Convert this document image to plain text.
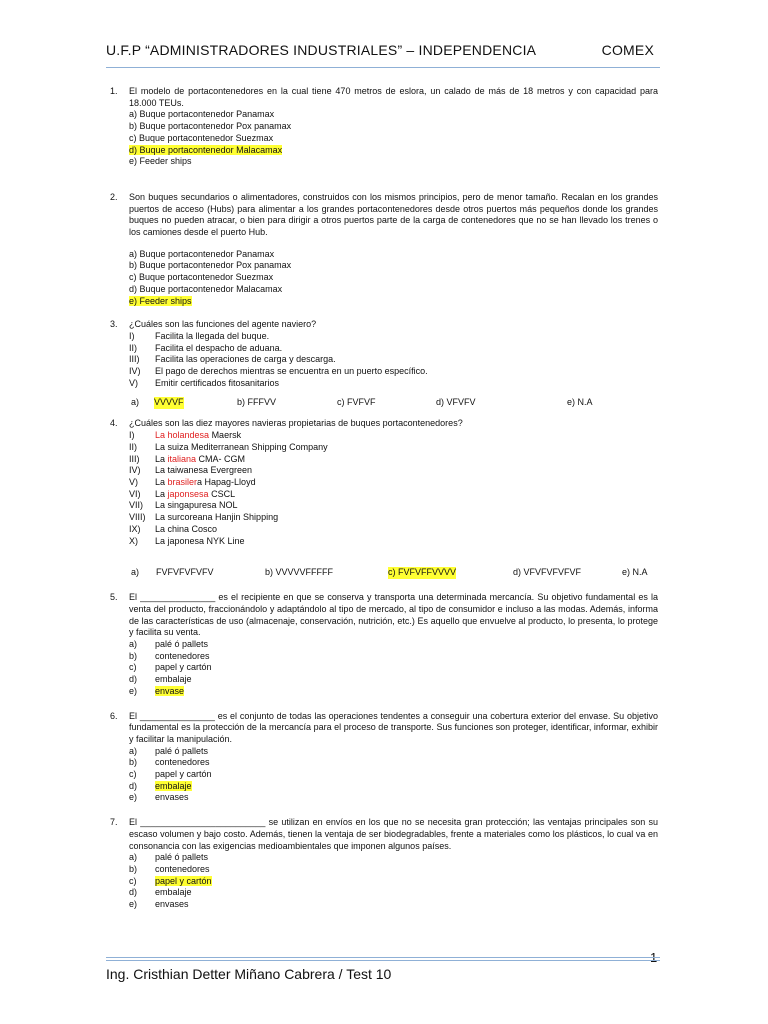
U.F.P “ADMINISTRADORES INDUSTRIALES” – INDEPENDENCIA	COMEX
1.	El modelo de portacontenedores en la cual tiene 470 metros de eslora, un calado de más de 18 metros y con capacidad para 18.000 TEUs.
a) Buque portacontenedor Panamax
b) Buque portacontenedor Pox panamax
c) Buque portacontenedor Suezmax
d) Buque portacontenedor Malacamax
e) Feeder ships
2.	Son buques secundarios o alimentadores, construidos con los mismos principios, pero de menor tamaño. Recalan en los grandes puertos de acceso (Hubs) para alimentar a los grandes portacontenedores desde otros puertos más pequeños donde los grandes buques no pueden atracar, o bien para dirigir a otros puertos parte de la carga de contenedores que no se han llevado los trenes o los camiones desde el puerto Hub.
a) Buque portacontenedor Panamax
b) Buque portacontenedor Pox panamax
c) Buque portacontenedor Suezmax
d) Buque portacontenedor Malacamax
e) Feeder ships
3.	¿Cuáles son las funciones del agente naviero?
I) Facilita la llegada del buque.
II) Facilita el despacho de aduana.
III) Facilita las operaciones de carga y descarga.
IV) El pago de derechos mientras se encuentra en un puerto específico.
V) Emitir certificados fitosanitarios
a) VVVVF	b) FFFVV	c) FVFVF	d) VFVFV	e) N.A
4.	¿Cuáles son las diez mayores navieras propietarias de buques portacontenedores?
I) La holandesa Maersk
II) La suiza Mediterranean Shipping Company
III) La italiana CMA- CGM
IV) La taiwanesa Evergreen
V) La brasilera Hapag-Lloyd
VI) La japonsesa CSCL
VII) La singapuresa NOL
VIII) La surcoreana Hanjin Shipping
IX) La china Cosco
X) La japonesa NYK Line
a) FVFVFVFVFV	b) VVVVVFFFFF	c) FVFVFFVVVV	d) VFVFVFVFVF	e) N.A
5.	El _______________ es el recipiente en que se conserva y transporta una determinada mercancía. Su objetivo fundamental es la venta del producto, fraccionándolo y adaptándolo al tipo de mercado, al tipo de consumidor e incluso a las modas. Además, informa de las características de uso (almacenaje, conservación, nutrición, etc.) Es aquello que envuelve al producto, lo presenta, lo protege y facilita su venta.
a) palé ó pallets
b) contenedores
c) papel y cartón
d) embalaje
e) envase
6.	El _______________ es el conjunto de todas las operaciones tendentes a conseguir una cobertura exterior del envase. Su objetivo fundamental es la protección de la mercancía para el proceso de transporte. Sus funciones son proteger, identificar, informar, exhibir y facilitar la manipulación.
a) palé ó pallets
b) contenedores
c) papel y cartón
d) embalaje
e) envases
7.	El _________________________ se utilizan en envíos en los que no se necesita gran protección; las ventajas principales son su escaso volumen y bajo costo. Además, tienen la ventaja de ser biodegradables, frente a materiales como los plásticos, lo cual va en consonancia con las exigencias medioambientales que imponen algunos países.
a) palé ó pallets
b) contenedores
c) papel y cartón
d) embalaje
e) envases
Ing. Cristhian Detter Miñano Cabrera / Test 10
